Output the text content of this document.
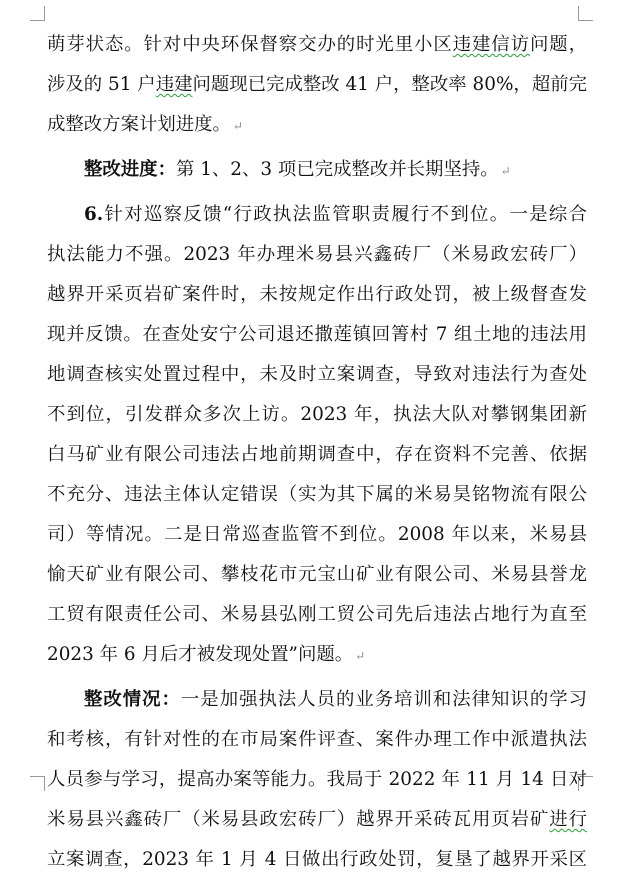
萌芽状态。针对中央环保督察交办的时光里小区违建信访问题，
涉及的 51 户违建问题现已完成整改 41 户，整改率 80%，超前完
成整改方案计划进度。 ↵
整改进度：第 1、2、3 项已完成整改并长期坚持。 ↵
6.针对巡察反馈“行政执法监管职责履行不到位。一是综合
执法能力不强。2023 年办理米易县兴鑫砖厂（米易政宏砖厂）
越界开采页岩矿案件时，未按规定作出行政处罚，被上级督查发
现并反馈。在查处安宁公司退还撒莲镇回箐村 7 组土地的违法用
地调查核实处置过程中，未及时立案调查，导致对违法行为查处
不到位，引发群众多次上访。2023 年，执法大队对攀钢集团新
白马矿业有限公司违法占地前期调查中，存在资料不完善、依据
不充分、违法主体认定错误（实为其下属的米易昊铭物流有限公
司）等情况。二是日常巡查监管不到位。2008 年以来，米易县
愉天矿业有限公司、攀枝花市元宝山矿业有限公司、米易县誉龙
工贸有限责任公司、米易县弘刚工贸公司先后违法占地行为直至
2023 年 6 月后才被发现处置”问题。 ↵
整改情况：一是加强执法人员的业务培训和法律知识的学习
和考核，有针对性的在市局案件评查、案件办理工作中派遣执法
人员参与学习，提高办案等能力。我局于 2022 年 11 月 14 日对
米易县兴鑫砖厂（米易县政宏砖厂）越界开采砖瓦用页岩矿进行
立案调查，2023 年 1 月 4 日做出行政处罚，复垦了越界开采区
